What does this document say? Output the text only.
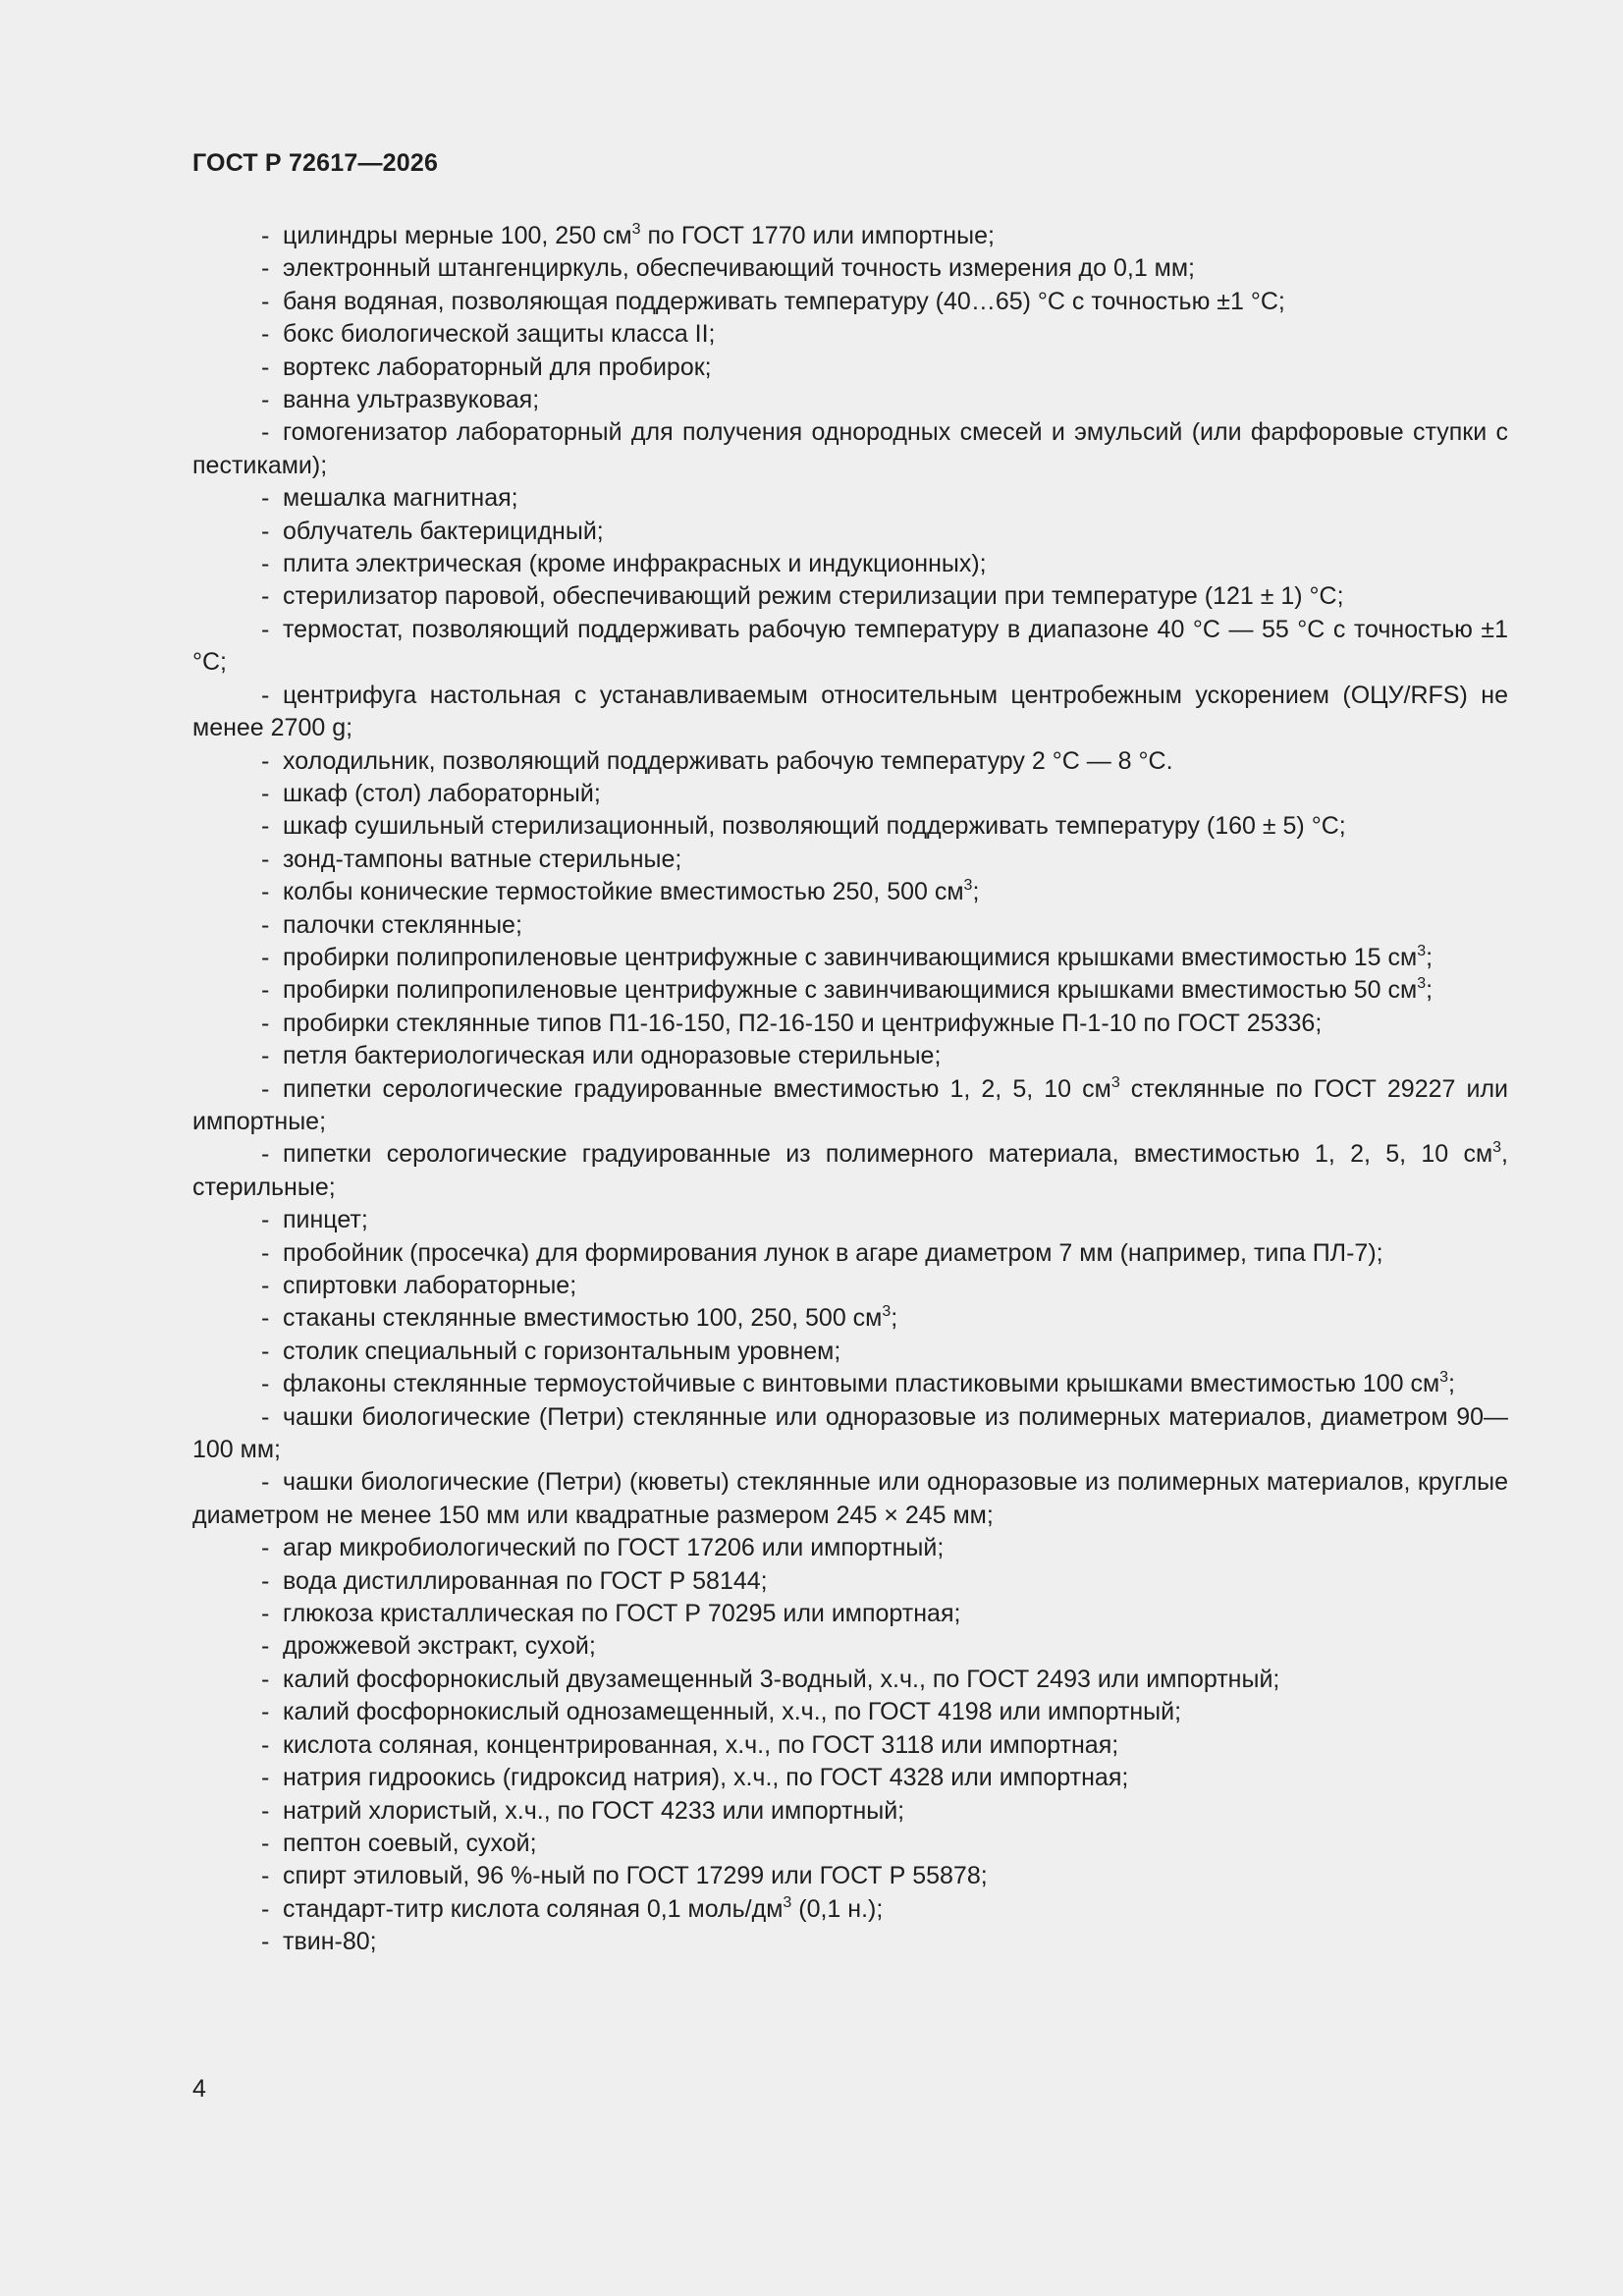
ГОСТ Р 72617—2026
- цилиндры мерные 100, 250 $см^3$ по ГОСТ 1770 или импортные;
- электронный штангенциркуль, обеспечивающий точность измерения до 0,1 мм;
- баня водяная, позволяющая поддерживать температуру (40…65) °С с точностью ±1 °С;
- бокс биологической защиты класса II;
- вортекс лабораторный для пробирок;
- ванна ультразвуковая;
- гомогенизатор лабораторный для получения однородных смесей и эмульсий (или фарфоровые ступки с пестиками);
- мешалка магнитная;
- облучатель бактерицидный;
- плита электрическая (кроме инфракрасных и индукционных);
- стерилизатор паровой, обеспечивающий режим стерилизации при температуре (121 ± 1) °С;
- термостат, позволяющий поддерживать рабочую температуру в диапазоне 40 °С — 55 °С с точностью ±1 °С;
- центрифуга настольная с устанавливаемым относительным центробежным ускорением (ОЦУ/RFS) не менее 2700 g;
- холодильник, позволяющий поддерживать рабочую температуру 2 °С — 8 °С.
- шкаф (стол) лабораторный;
- шкаф сушильный стерилизационный, позволяющий поддерживать температуру (160 ± 5) °С;
- зонд-тампоны ватные стерильные;
- колбы конические термостойкие вместимостью 250, 500 $см^3$;
- палочки стеклянные;
- пробирки полипропиленовые центрифужные с завинчивающимися крышками вместимостью 15 $см^3$;
- пробирки полипропиленовые центрифужные с завинчивающимися крышками вместимостью 50 $см^3$;
- пробирки стеклянные типов П1-16-150, П2-16-150 и центрифужные П-1-10 по ГОСТ 25336;
- петля бактериологическая или одноразовые стерильные;
- пипетки серологические градуированные вместимостью 1, 2, 5, 10 $см^3$ стеклянные по ГОСТ 29227 или импортные;
- пипетки серологические градуированные из полимерного материала, вместимостью 1, 2, 5, 10 $см^3$, стерильные;
- пинцет;
- пробойник (просечка) для формирования лунок в агаре диаметром 7 мм (например, типа ПЛ-7);
- спиртовки лабораторные;
- стаканы стеклянные вместимостью 100, 250, 500 $см^3$;
- столик специальный с горизонтальным уровнем;
- флаконы стеклянные термоустойчивые с винтовыми пластиковыми крышками вместимостью 100 $см^3$;
- чашки биологические (Петри) стеклянные или одноразовые из полимерных материалов, диаметром 90—100 мм;
- чашки биологические (Петри) (кюветы) стеклянные или одноразовые из полимерных материалов, круглые диаметром не менее 150 мм или квадратные размером 245 × 245 мм;
- агар микробиологический по ГОСТ 17206 или импортный;
- вода дистиллированная по ГОСТ Р 58144;
- глюкоза кристаллическая по ГОСТ Р 70295 или импортная;
- дрожжевой экстракт, сухой;
- калий фосфорнокислый двузамещенный 3-водный, х.ч., по ГОСТ 2493 или импортный;
- калий фосфорнокислый однозамещенный, х.ч., по ГОСТ 4198 или импортный;
- кислота соляная, концентрированная, х.ч., по ГОСТ 3118 или импортная;
- натрия гидроокись (гидроксид натрия), х.ч., по ГОСТ 4328 или импортная;
- натрий хлористый, х.ч., по ГОСТ 4233 или импортный;
- пептон соевый, сухой;
- спирт этиловый, 96 %-ный по ГОСТ 17299 или ГОСТ Р 55878;
- стандарт-титр кислота соляная 0,1 моль/$дм^3$ (0,1 н.);
- твин-80;
4
